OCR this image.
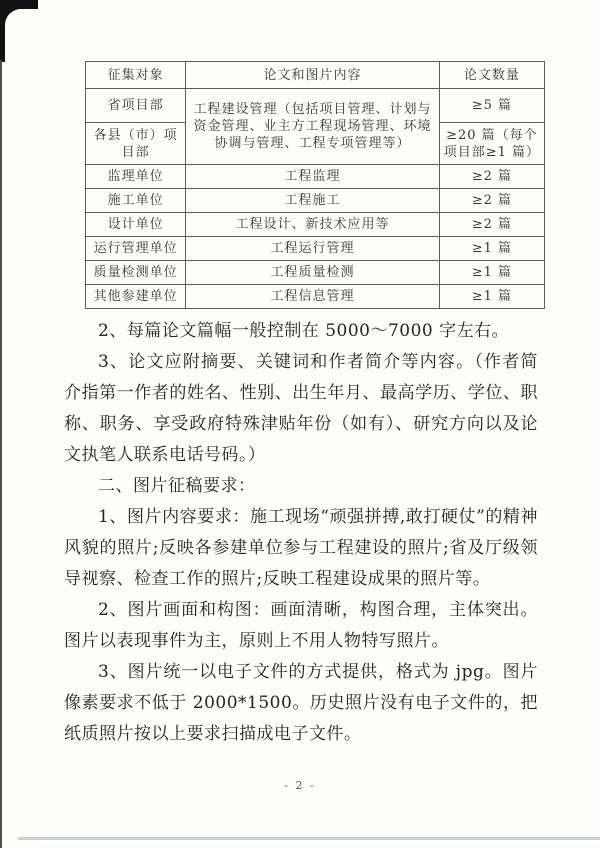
征集对象	论文和图片内容	论文数量
省项目部	工程建设管理（包括项目管理、计划与资金管理、业主方工程现场管理、环境协调与管理、工程专项管理等）	≥5 篇
各县（市）项目部		≥20 篇（每个项目部≥1 篇）
监理单位	工程监理	≥2 篇
施工单位	工程施工	≥2 篇
设计单位	工程设计、新技术应用等	≥2 篇
运行管理单位	工程运行管理	≥1 篇
质量检测单位	工程质量检测	≥1 篇
其他参建单位	工程信息管理	≥1 篇

2、每篇论文篇幅一般控制在 5000～7000 字左右。

3、论文应附摘要、关键词和作者简介等内容。（作者简介指第一作者的姓名、性别、出生年月、最高学历、学位、职称、职务、享受政府特殊津贴年份（如有）、研究方向以及论文执笔人联系电话号码。）

二、图片征稿要求：

1、图片内容要求：施工现场“顽强拼搏,敢打硬仗”的精神风貌的照片;反映各参建单位参与工程建设的照片;省及厅级领导视察、检查工作的照片;反映工程建设成果的照片等。

2、图片画面和构图：画面清晰，构图合理，主体突出。图片以表现事件为主，原则上不用人物特写照片。

3、图片统一以电子文件的方式提供，格式为 jpg。图片像素要求不低于 2000*1500。历史照片没有电子文件的，把纸质照片按以上要求扫描成电子文件。

- 2 -
